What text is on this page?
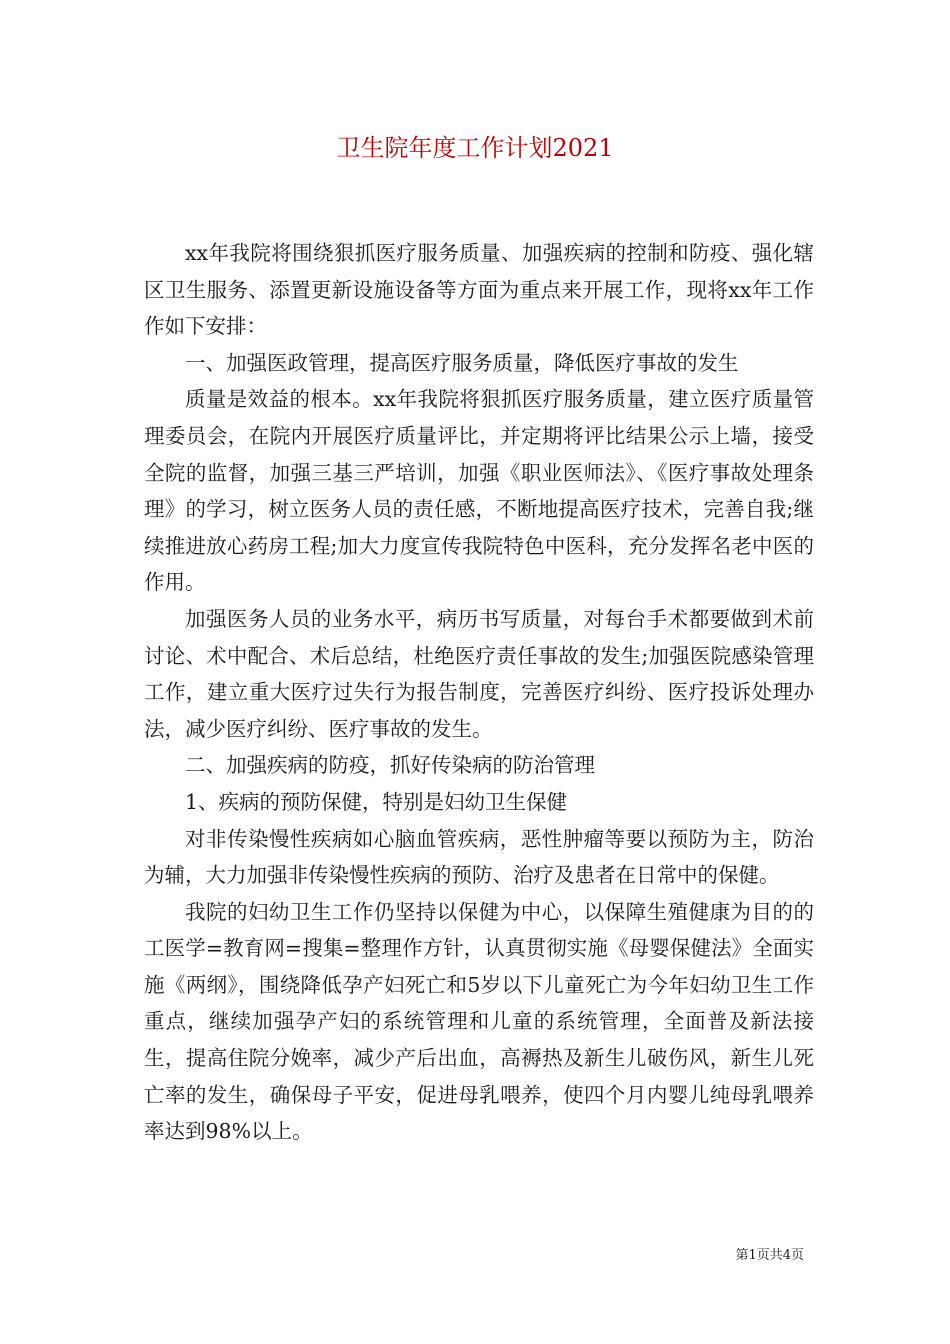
卫生院年度工作计划2021

xx年我院将围绕狠抓医疗服务质量、加强疾病的控制和防疫、强化辖区卫生服务、添置更新设施设备等方面为重点来开展工作，现将xx年工作作如下安排：

一、加强医政管理，提高医疗服务质量，降低医疗事故的发生

质量是效益的根本。xx年我院将狠抓医疗服务质量，建立医疗质量管理委员会，在院内开展医疗质量评比，并定期将评比结果公示上墙，接受全院的监督，加强三基三严培训，加强《职业医师法》、《医疗事故处理条理》的学习，树立医务人员的责任感，不断地提高医疗技术，完善自我;继续推进放心药房工程;加大力度宣传我院特色中医科，充分发挥名老中医的作用。

加强医务人员的业务水平，病历书写质量，对每台手术都要做到术前讨论、术中配合、术后总结，杜绝医疗责任事故的发生;加强医院感染管理工作，建立重大医疗过失行为报告制度，完善医疗纠纷、医疗投诉处理办法，减少医疗纠纷、医疗事故的发生。

二、加强疾病的防疫，抓好传染病的防治管理

1、疾病的预防保健，特别是妇幼卫生保健

对非传染慢性疾病如心脑血管疾病，恶性肿瘤等要以预防为主，防治为辅，大力加强非传染慢性疾病的预防、治疗及患者在日常中的保健。

我院的妇幼卫生工作仍坚持以保健为中心，以保障生殖健康为目的的工医学=教育网=搜集=整理作方针，认真贯彻实施《母婴保健法》全面实施《两纲》，围绕降低孕产妇死亡和5岁以下儿童死亡为今年妇幼卫生工作重点，继续加强孕产妇的系统管理和儿童的系统管理，全面普及新法接生，提高住院分娩率，减少产后出血，高褥热及新生儿破伤风，新生儿死亡率的发生，确保母子平安，促进母乳喂养，使四个月内婴儿纯母乳喂养率达到98%以上。

第1页共4页
